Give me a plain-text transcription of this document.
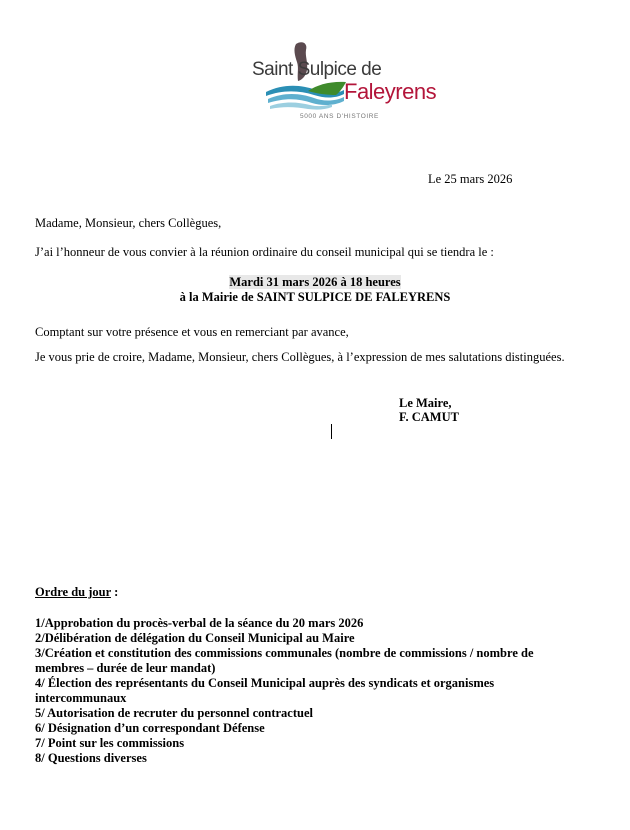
Saint Sulpice de
Faleyrens
5000 ANS D'HISTOIRE
Le 25 mars 2026
Madame, Monsieur, chers Collègues,
J’ai l’honneur de vous convier à la réunion ordinaire du conseil municipal qui se tiendra le :
Mardi 31 mars 2026 à 18 heures
à la Mairie de SAINT SULPICE DE FALEYRENS
Comptant sur votre présence et vous en remerciant par avance,
Je vous prie de croire, Madame, Monsieur, chers Collègues, à l’expression de mes salutations distinguées.
Le Maire,
F. CAMUT
Ordre du jour :
1/Approbation du procès-verbal de la séance du 20 mars 2026
2/Délibération de délégation du Conseil Municipal au Maire
3/Création et constitution des commissions communales (nombre de commissions / nombre de membres – durée de leur mandat)
4/ Élection des représentants du Conseil Municipal auprès des syndicats et organismes intercommunaux
5/ Autorisation de recruter du personnel contractuel
6/ Désignation d’un correspondant Défense
7/ Point sur les commissions
8/ Questions diverses
